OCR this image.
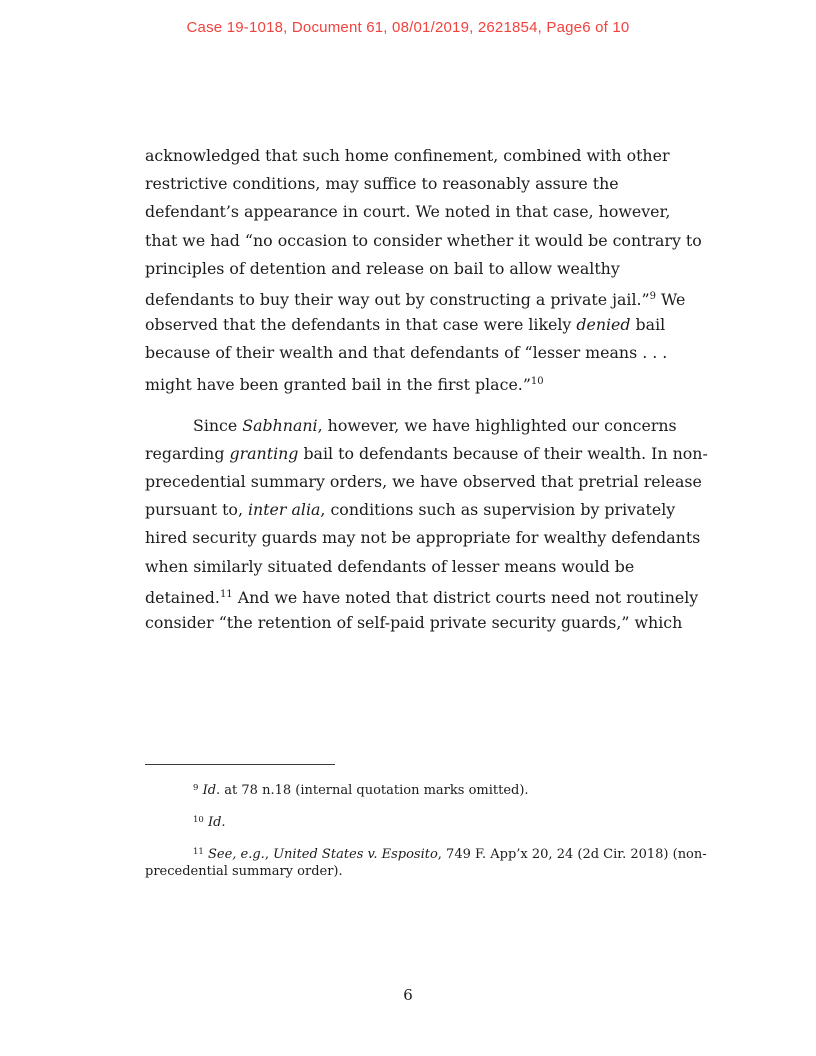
Case 19-1018, Document 61, 08/01/2019, 2621854, Page6 of 10
acknowledged that such home confinement, combined with other
restrictive conditions, may suffice to reasonably assure the
defendant’s appearance in court. We noted in that case, however,
that we had “no occasion to consider whether it would be contrary to
principles of detention and release on bail to allow wealthy
defendants to buy their way out by constructing a private jail.”$^9$ We
observed that the defendants in that case were likely denied bail
because of their wealth and that defendants of “lesser means . . .
might have been granted bail in the first place.”$^{10}$
Since Sabhnani, however, we have highlighted our concerns
regarding granting bail to defendants because of their wealth. In non-
precedential summary orders, we have observed that pretrial release
pursuant to, inter alia, conditions such as supervision by privately
hired security guards may not be appropriate for wealthy defendants
when similarly situated defendants of lesser means would be
detained.$^{11}$ And we have noted that district courts need not routinely
consider “the retention of self-paid private security guards,” which
$^9$ Id. at 78 n.18 (internal quotation marks omitted).
$^{10}$ Id.
$^{11}$ See, e.g., United States v. Esposito, 749 F. App’x 20, 24 (2d Cir. 2018) (non-
precedential summary order).
6
